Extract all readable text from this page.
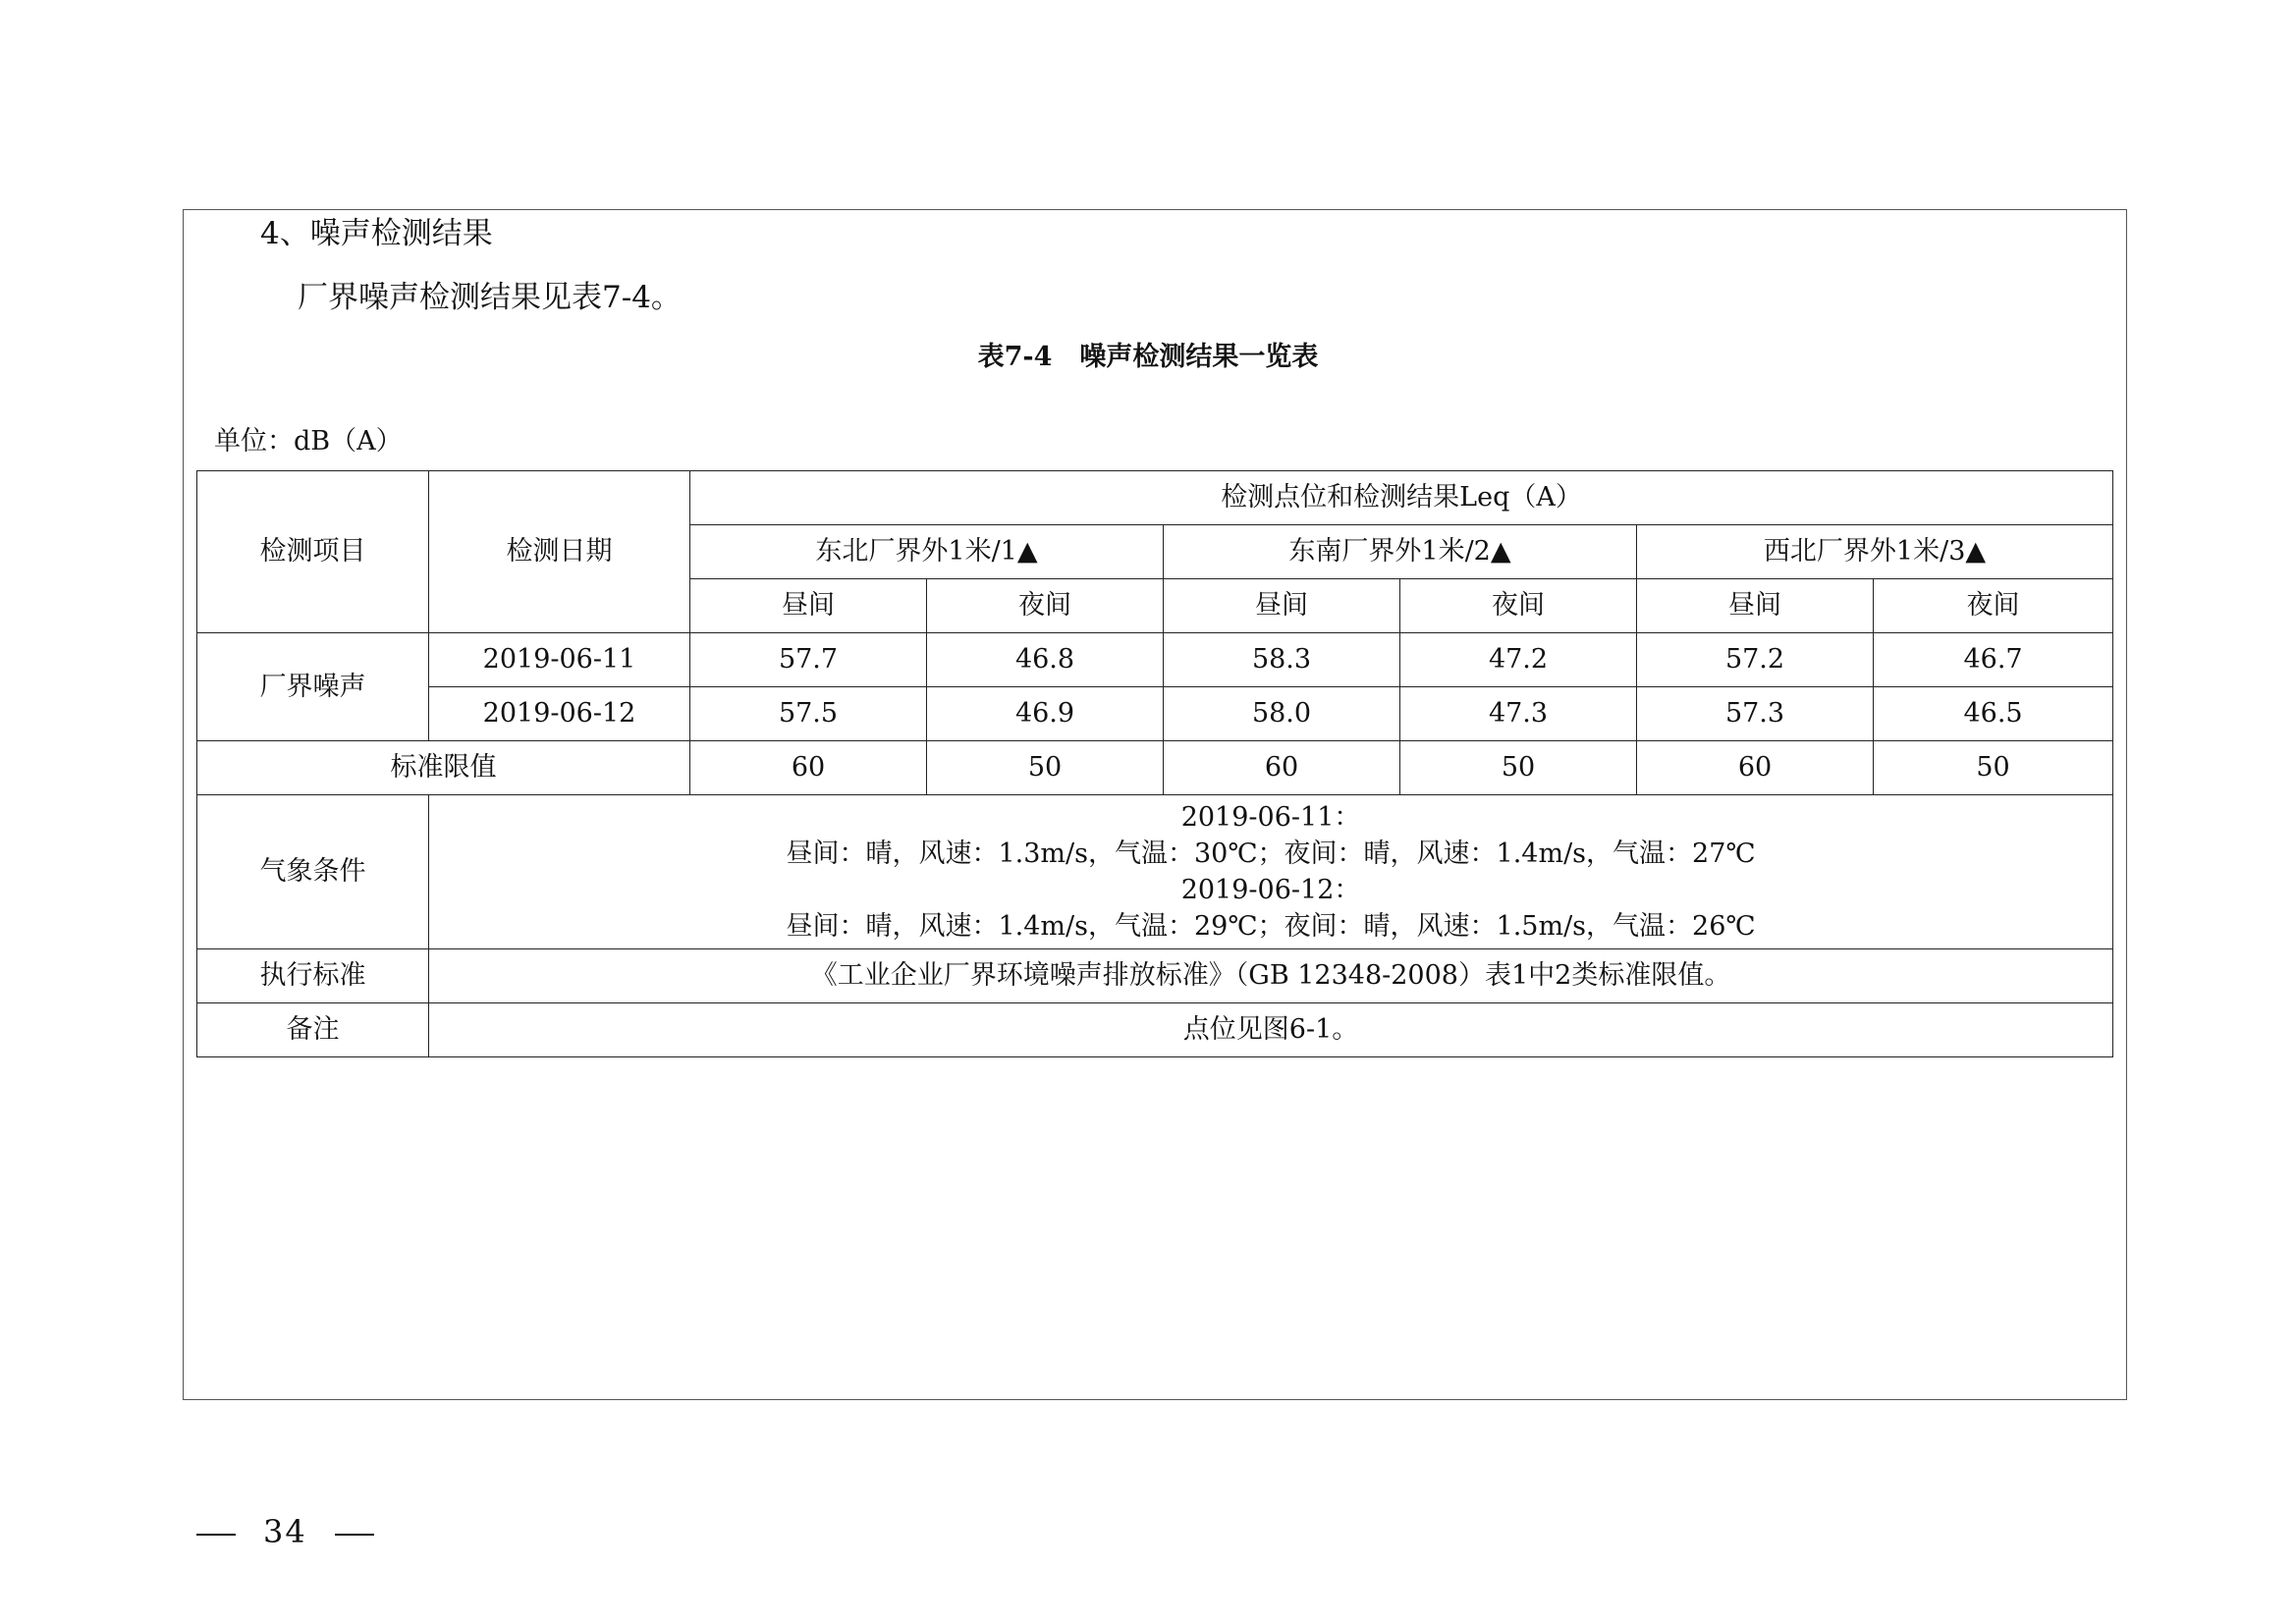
4、噪声检测结果
厂界噪声检测结果见表7-4。
表7-4 噪声检测结果一览表
单位：dB（A）
检测项目	检测日期	检测点位和检测结果Leq（A）					
		东北厂界外1米/1▲		东南厂界外1米/2▲		西北厂界外1米/3▲	
		昼间	夜间	昼间	夜间	昼间	夜间
厂界噪声	2019-06-11	57.7	46.8	58.3	47.2	57.2	46.7
	2019-06-12	57.5	46.9	58.0	47.3	57.3	46.5
标准限值		60	50	60	50	60	50
气象条件	2019-06-11：
昼间：晴，风速：1.3m/s，气温：30℃；夜间：晴，风速：1.4m/s，气温：27℃
2019-06-12：
昼间：晴，风速：1.4m/s，气温：29℃；夜间：晴，风速：1.5m/s，气温：26℃						

执行标准	《工业企业厂界环境噪声排放标准》（GB 12348-2008）表1中2类标准限值。						
备注	点位见图6-1。						
34
